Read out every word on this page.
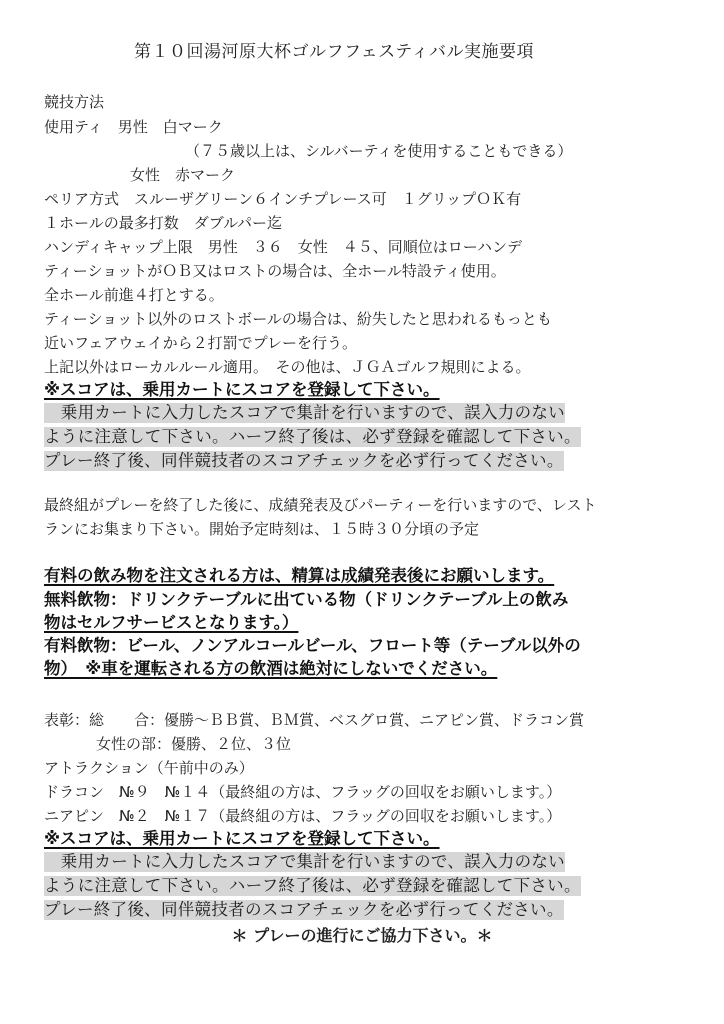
第１０回湯河原大杯ゴルフフェスティバル実施要項
競技方法
使用ティ　男性　白マーク
（７５歳以上は、シルバーティを使用することもできる）
女性　赤マーク
ペリア方式　スルーザグリーン６インチプレース可　１グリップＯＫ有
１ホールの最多打数　ダブルパー迄
ハンディキャップ上限　男性　３６　女性　４５、同順位はローハンデ
ティーショットがＯＢ又はロストの場合は、全ホール特設ティ使用。
全ホール前進４打とする。
ティーショット以外のロストボールの場合は、紛失したと思われるもっとも
近いフェアウェイから２打罰でプレーを行う。
上記以外はローカルルール適用。　その他は、ＪＧＡゴルフ規則による。
※スコアは、乗用カートにスコアを登録して下さい。
　乗用カートに入力したスコアで集計を行いますので、誤入力のない
ように注意して下さい。ハーフ終了後は、必ず登録を確認して下さい。
プレー終了後、同伴競技者のスコアチェックを必ず行ってください。
最終組がプレーを終了した後に、成績発表及びパーティーを行いますので、レスト
ランにお集まり下さい。開始予定時刻は、１５時３０分頃の予定
有料の飲み物を注文される方は、精算は成績発表後にお願いします。
無料飲物：ドリンクテーブルに出ている物（ドリンクテーブル上の飲み
物はセルフサービスとなります。）
有料飲物：ビール、ノンアルコールビール、フロート等（テーブル以外の
物）　※車を運転される方の飲酒は絶対にしないでください。
表彰：総　　合：優勝～ＢＢ賞、ＢＭ賞、ベスグロ賞、ニアピン賞、ドラコン賞
女性の部：優勝、２位、３位
アトラクション（午前中のみ）
ドラコン　№９　№１４（最終組の方は、フラッグの回収をお願いします。）
ニアピン　№２　№１７（最終組の方は、フラッグの回収をお願いします。）
※スコアは、乗用カートにスコアを登録して下さい。
　乗用カートに入力したスコアで集計を行いますので、誤入力のない
ように注意して下さい。ハーフ終了後は、必ず登録を確認して下さい。
プレー終了後、同伴競技者のスコアチェックを必ず行ってください。
＊ プレーの進行にご協力下さい。＊
